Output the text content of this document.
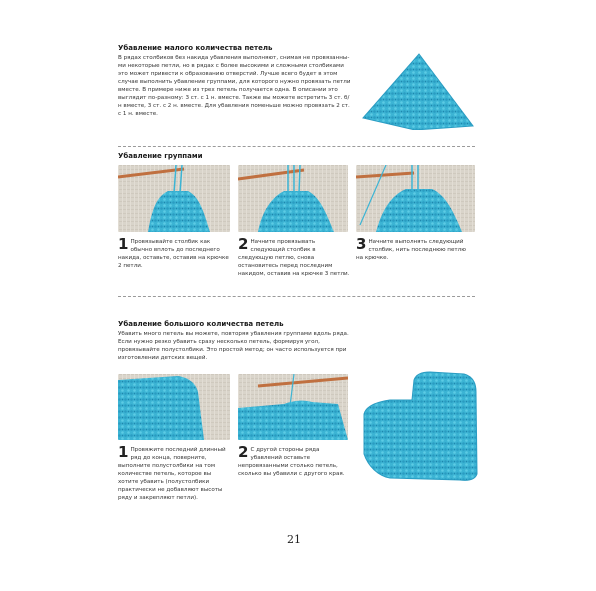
Убавление малого количества петель
В рядах столбиков без накида убавления выполняют, снимая не провязанны-ми некоторые петли, но в рядах с более высокими и сложными столбиками это может привести к образованию отверстий. Лучше всего будет в этом случае выполнить убавление группами, для которого нужно провязать петли вместе. В примере ниже из трех петель получается одна. В описании это выглядит по-разному: 3 ст. с 1 н. вместе. Также вы можете встретить 3 ст. б/н вместе, 3 ст. с 2 н. вместе. Для убавления поменьше можно провязать 2 ст. с 1 н. вместе.
Убавление группами
1 Провязывайте столбик как обычно вплоть до последнего накида, оставьте, оставив на крючке 2 петли.
2 Начните провязывать следующий столбик в следующую петлю, снова остановитесь перед последним накидом, оставив на крючке 3 петли.
3 Начните выполнять следующий столбик, нить последнюю петлю на крючке.
Убавление большого количества петель
Убавить много петель вы можете, повторяя убавления группами вдоль ряда. Если нужно резко убавить сразу несколько петель, формируя угол, провязывайте полустолбики. Это простой метод; он часто используется при изготовлении детских вещей.
1 Провяжите последний длинный ряд до конца, поверните, выполните полустолбики на том количестве петель, которое вы хотите убавить (полустолбики практически не добавляют высоты ряду и закрепляют петли).
2 С другой стороны ряда убавлений оставьте непровязанными столько петель, сколько вы убавили с другого края.
21
